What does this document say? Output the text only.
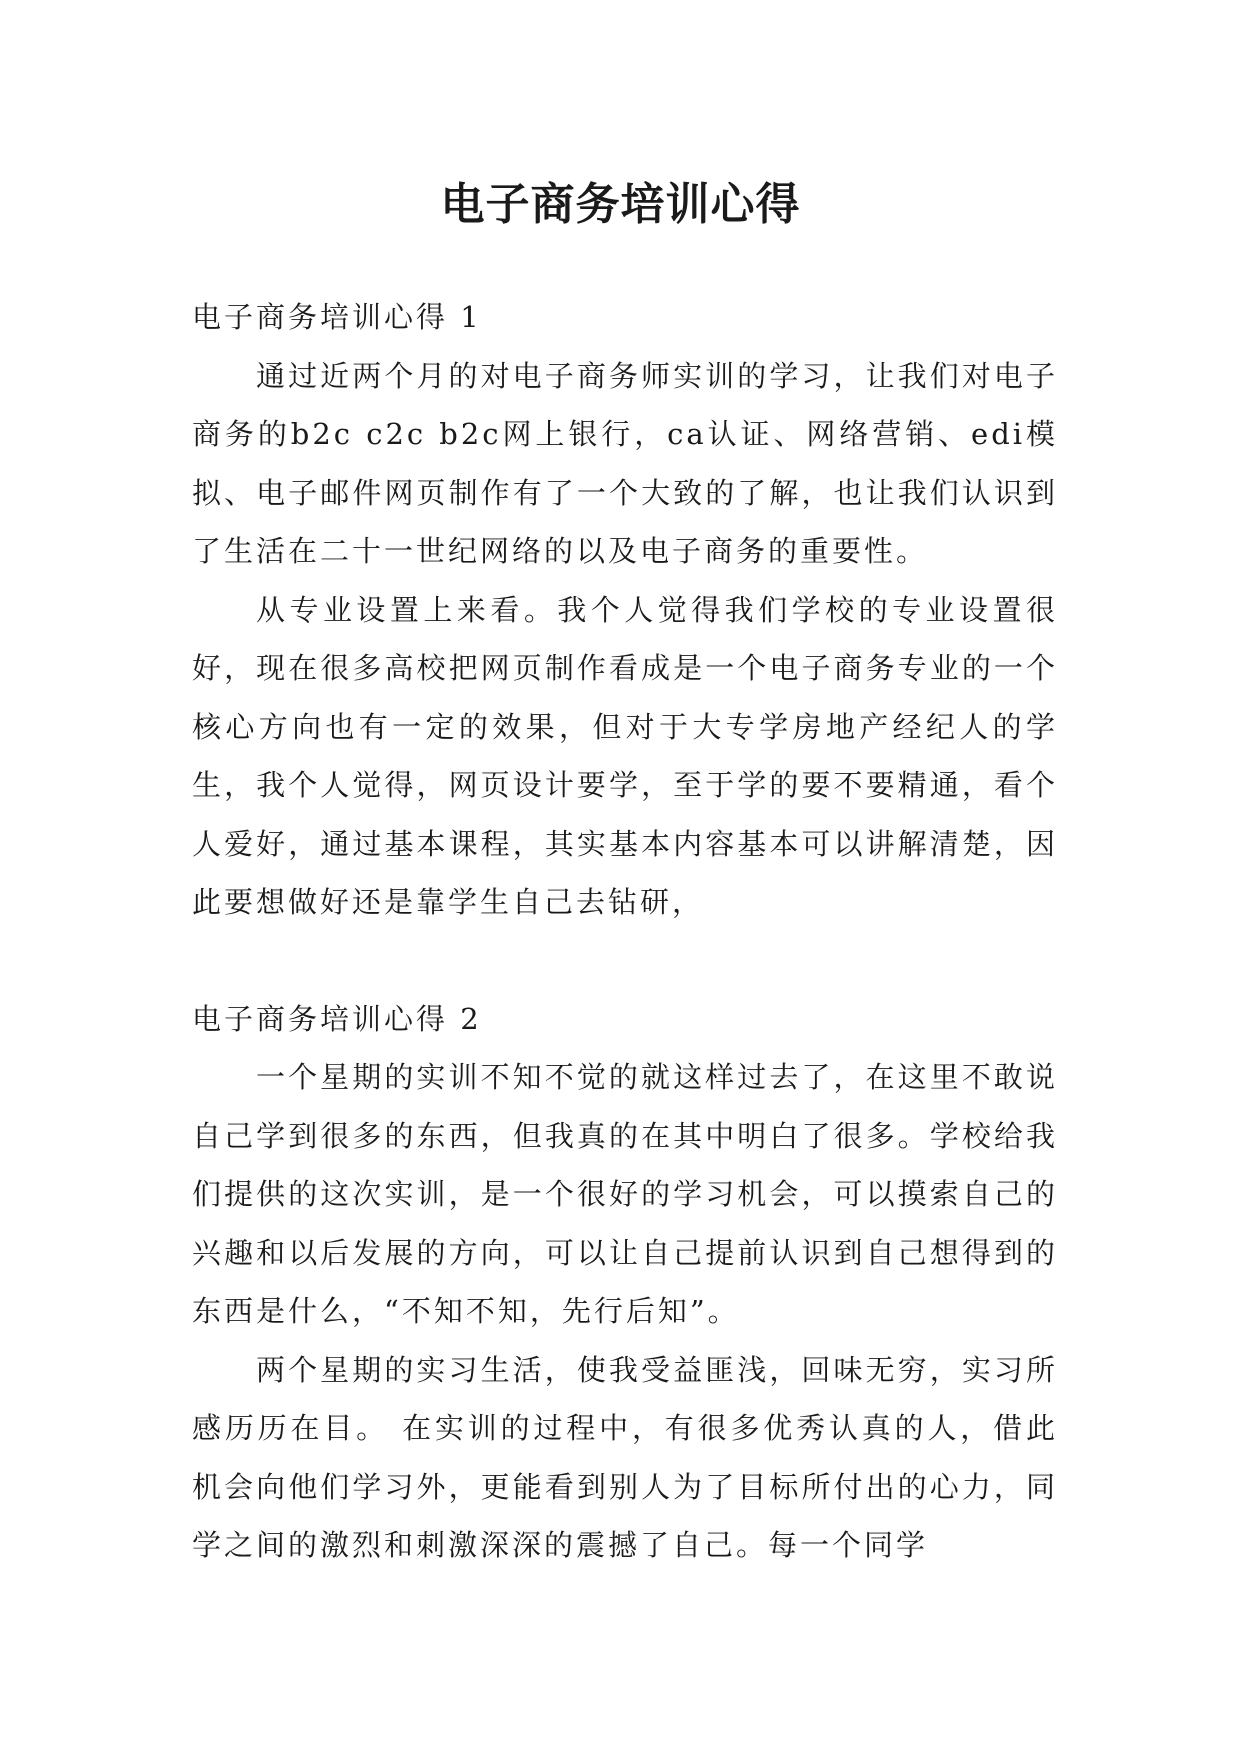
电子商务培训心得
电子商务培训心得 1

通过近两个月的对电子商务师实训的学习，让我们对电子商务的b2c c2c b2c网上银行，ca认证、网络营销、edi模拟、电子邮件网页制作有了一个大致的了解，也让我们认识到了生活在二十一世纪网络的以及电子商务的重要性。

从专业设置上来看。我个人觉得我们学校的专业设置很好，现在很多高校把网页制作看成是一个电子商务专业的一个核心方向也有一定的效果，但对于大专学房地产经纪人的学生，我个人觉得，网页设计要学，至于学的要不要精通，看个人爱好，通过基本课程，其实基本内容基本可以讲解清楚，因此要想做好还是靠学生自己去钻研，

电子商务培训心得 2

一个星期的实训不知不觉的就这样过去了，在这里不敢说自己学到很多的东西，但我真的在其中明白了很多。学校给我们提供的这次实训，是一个很好的学习机会，可以摸索自己的兴趣和以后发展的方向，可以让自己提前认识到自己想得到的东西是什么，“不知不知，先行后知”。

两个星期的实习生活，使我受益匪浅，回味无穷，实习所感历历在目。 在实训的过程中，有很多优秀认真的人，借此机会向他们学习外，更能看到别人为了目标所付出的心力，同学之间的激烈和刺激深深的震撼了自己。每一个同学
